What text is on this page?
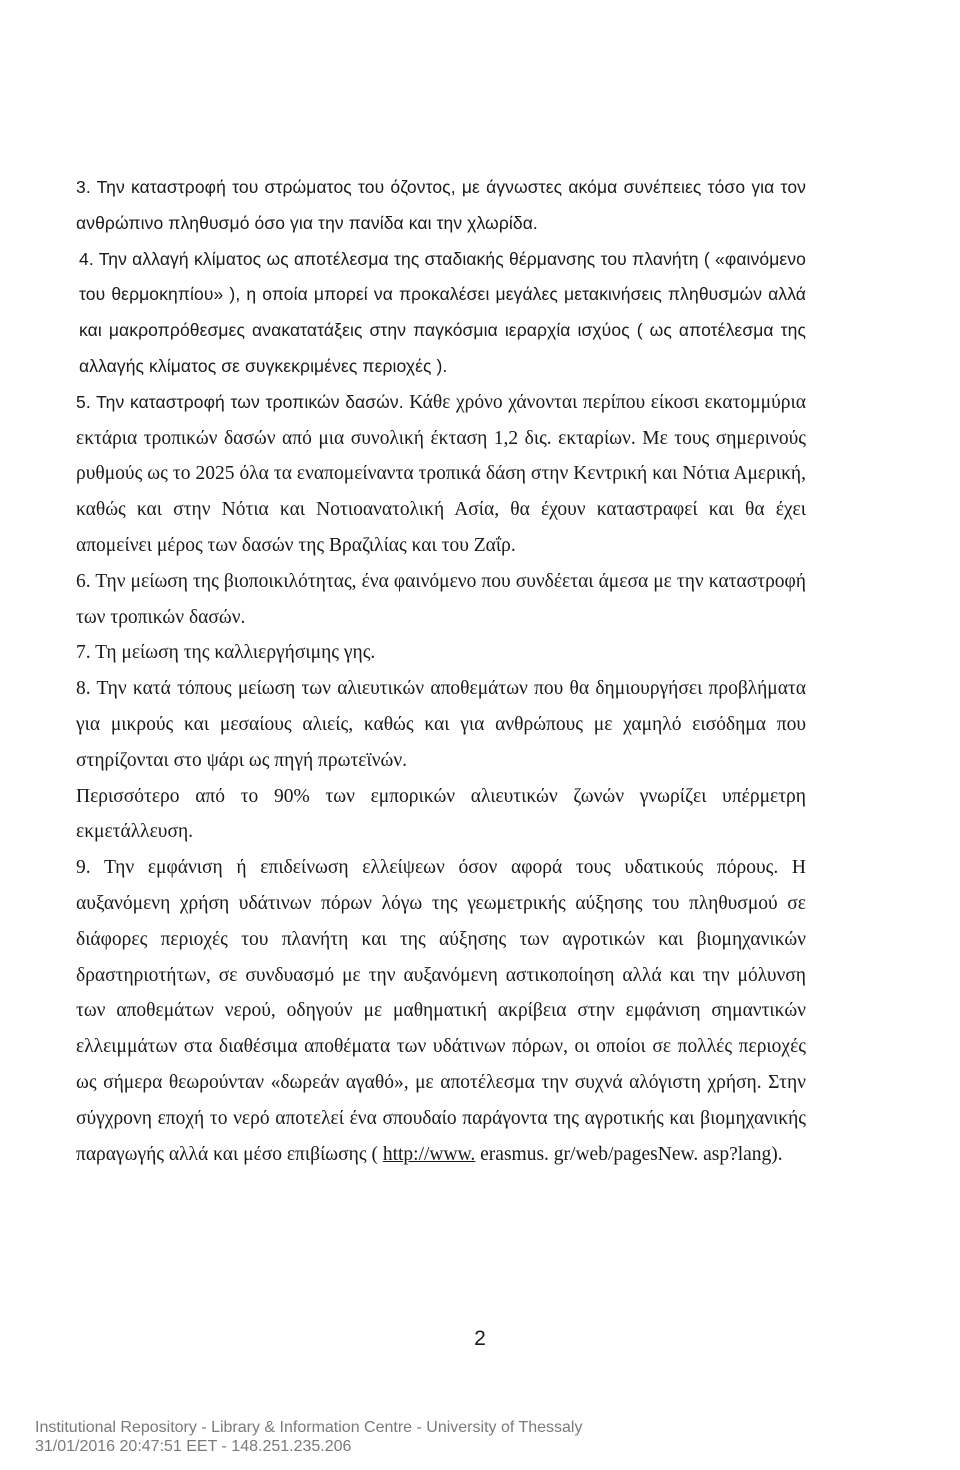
3. Την καταστροφή του στρώματος του όζοντος, με άγνωστες ακόμα συνέπειες τόσο για τον ανθρώπινο πληθυσμό όσο για την πανίδα και την χλωρίδα.

4. Την αλλαγή κλίματος ως αποτέλεσμα της σταδιακής θέρμανσης του πλανήτη ( «φαινόμενο του θερμοκηπίου» ), η οποία μπορεί να προκαλέσει μεγάλες μετακινήσεις πληθυσμών αλλά και μακροπρόθεσμες ανακατατάξεις στην παγκόσμια ιεραρχία ισχύος ( ως αποτέλεσμα της αλλαγής κλίματος σε συγκεκριμένες περιοχές ).

5. Την καταστροφή των τροπικών δασών. Κάθε χρόνο χάνονται περίπου είκοσι εκατομμύρια εκτάρια τροπικών δασών από μια συνολική έκταση 1,2 δις. εκταρίων. Με τους σημερινούς ρυθμούς ως το 2025 όλα τα εναπομείναντα τροπικά δάση στην Κεντρική και Νότια Αμερική, καθώς και στην Νότια και Νοτιοανατολική Ασία, θα έχουν καταστραφεί και θα έχει απομείνει μέρος των δασών της Βραζιλίας και του Ζαΐρ.

6. Την μείωση της βιοποικιλότητας, ένα φαινόμενο που συνδέεται άμεσα με την καταστροφή των τροπικών δασών.

7. Τη μείωση της καλλιεργήσιμης γης.

8. Την κατά τόπους μείωση των αλιευτικών αποθεμάτων που θα δημιουργήσει προβλήματα για μικρούς και μεσαίους αλιείς, καθώς και για ανθρώπους με χαμηλό εισόδημα που στηρίζονται στο ψάρι ως πηγή πρωτεϊνών.

Περισσότερο από το 90% των εμπορικών αλιευτικών ζωνών γνωρίζει υπέρμετρη εκμετάλλευση.

9. Την εμφάνιση ή επιδείνωση ελλείψεων όσον αφορά τους υδατικούς πόρους. Η αυξανόμενη χρήση υδάτινων πόρων λόγω της γεωμετρικής αύξησης του πληθυσμού σε διάφορες περιοχές του πλανήτη και της αύξησης των αγροτικών και βιομηχανικών δραστηριοτήτων, σε συνδυασμό με την αυξανόμενη αστικοποίηση αλλά και την μόλυνση των αποθεμάτων νερού, οδηγούν με μαθηματική ακρίβεια στην εμφάνιση σημαντικών ελλειμμάτων στα διαθέσιμα αποθέματα των υδάτινων πόρων, οι οποίοι σε πολλές περιοχές ως σήμερα θεωρούνταν «δωρεάν αγαθό», με αποτέλεσμα την συχνά αλόγιστη χρήση. Στην σύγχρονη εποχή το νερό αποτελεί ένα σπουδαίο παράγοντα της αγροτικής και βιομηχανικής παραγωγής αλλά και μέσο επιβίωσης ( http://www. erasmus. gr/web/pagesNew. asp?lang).

2
Institutional Repository - Library & Information Centre - University of Thessaly
31/01/2016 20:47:51 EET - 148.251.235.206
